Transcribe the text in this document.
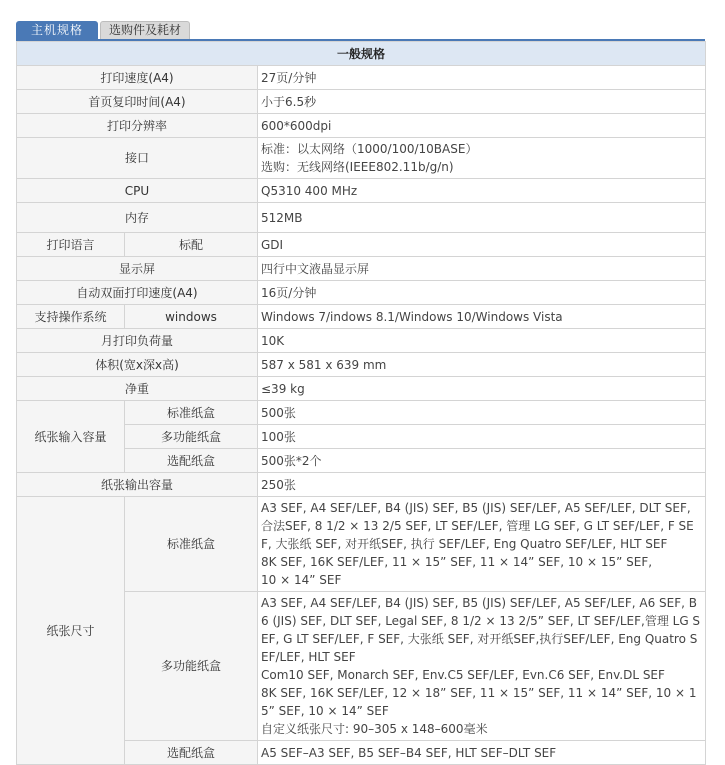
主机规格	选购件及耗材
一般规格		
打印速度(A4)		27页/分钟
首页复印时间(A4)		小于6.5秒
打印分辨率		600*600dpi
接口		标准：以太网络（1000/100/10BASE）
选购：无线网络(IEEE802.11b/g/n)

CPU		Q5310 400 MHz
内存		512MB
打印语言	标配	GDI
显示屏		四行中文液晶显示屏
自动双面打印速度(A4)		16页/分钟
支持操作系统	windows	Windows 7/indows 8.1/Windows 10/Windows Vista
月打印负荷量		10K
体积(宽x深x高)		587 x 581 x 639 mm
净重		≤39 kg
纸张输入容量	标准纸盒	500张
	多功能纸盒	100张
	选配纸盒	500张*2个
纸张输出容量		250张
纸张尺寸	标准纸盒	A3 SEF, A4 SEF/LEF, B4 (JIS) SEF, B5 (JIS) SEF/LEF, A5 SEF/LEF, DLT SEF, 合法SEF, 8 1/2 × 13 2/5 SEF, LT SEF/LEF, 管理 LG SEF, G LT SEF/LEF, F SEF, 大张纸 SEF, 对开纸SEF, 执行 SEF/LEF, Eng Quatro SEF/LEF, HLT SEF
8K SEF, 16K SEF/LEF, 11 × 15” SEF, 11 × 14” SEF, 10 × 15” SEF,
10 × 14” SEF

	多功能纸盒	A3 SEF, A4 SEF/LEF, B4 (JIS) SEF, B5 (JIS) SEF/LEF, A5 SEF/LEF, A6 SEF, B6 (JIS) SEF, DLT SEF, Legal SEF, 8 1/2 × 13 2/5” SEF, LT SEF/LEF,管理 LG SEF, G LT SEF/LEF, F SEF, 大张纸 SEF, 对开纸SEF,执行SEF/LEF, Eng Quatro SEF/LEF, HLT SEF
Com10 SEF, Monarch SEF, Env.C5 SEF/LEF, Evn.C6 SEF, Env.DL SEF
8K SEF, 16K SEF/LEF, 12 × 18” SEF, 11 × 15” SEF, 11 × 14” SEF, 10 × 15” SEF, 10 × 14” SEF
自定义纸张尺寸: 90–305 x 148–600毫米

	选配纸盒	A5 SEF–A3 SEF, B5 SEF–B4 SEF, HLT SEF–DLT SEF
